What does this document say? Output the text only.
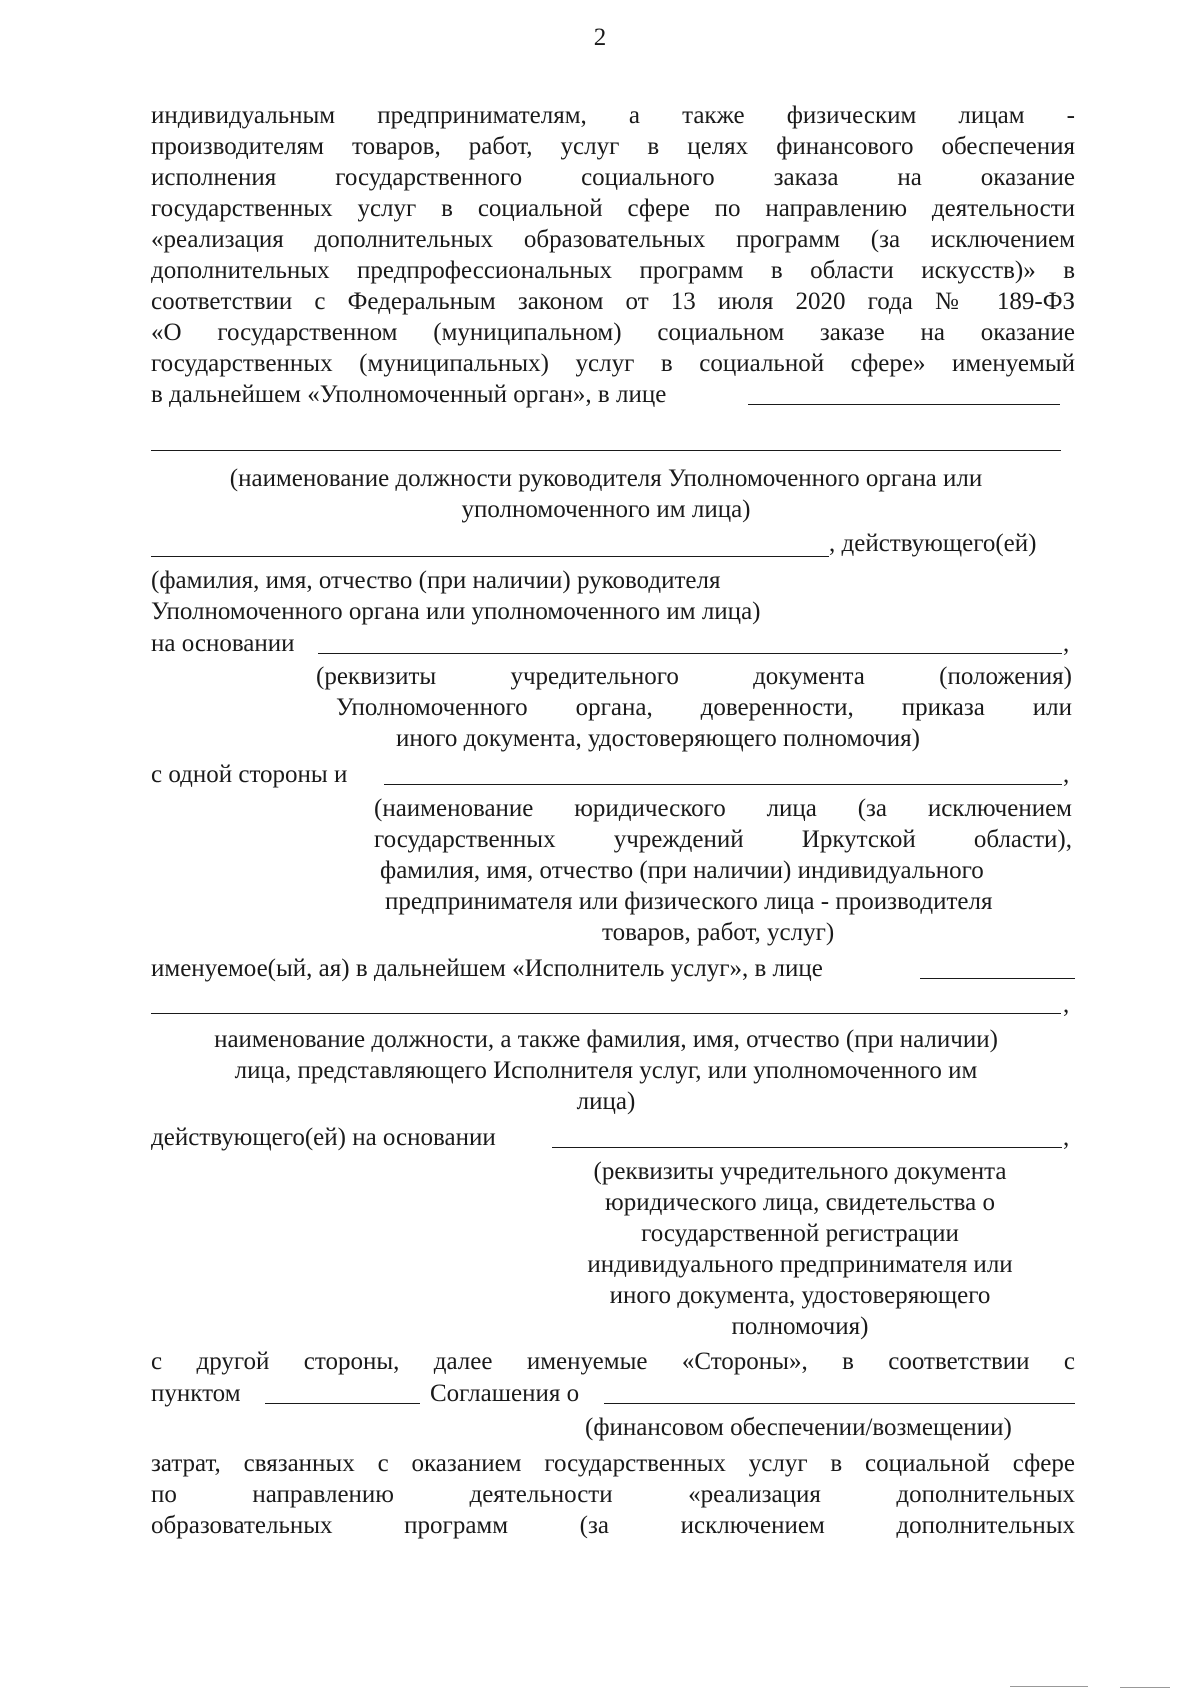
2
индивидуальным предпринимателям, а также физическим лицам -
производителям товаров, работ, услуг в целях финансового обеспечения
исполнения государственного социального заказа на оказание
государственных услуг в социальной сфере по направлению деятельности
«реализация дополнительных образовательных программ (за исключением
дополнительных предпрофессиональных программ в области искусств)» в
соответствии с Федеральным законом от 13 июля 2020 года № 189-ФЗ
«О государственном (муниципальном) социальном заказе на оказание
государственных (муниципальных) услуг в социальной сфере» именуемый
в дальнейшем «Уполномоченный орган», в лице
(наименование должности руководителя Уполномоченного органа или
уполномоченного им лица)
, действующего(ей)
(фамилия, имя, отчество (при наличии) руководителя
Уполномоченного органа или уполномоченного им лица)
на основании	,
(реквизиты учредительного документа (положения)
Уполномоченного органа, доверенности, приказа или
иного документа, удостоверяющего полномочия)
с одной стороны и	,
(наименование юридического лица (за исключением
государственных учреждений Иркутской области),
фамилия, имя, отчество (при наличии) индивидуального
предпринимателя или физического лица - производителя
товаров, работ, услуг)
именуемое(ый, ая) в дальнейшем «Исполнитель услуг», в лице
,
наименование должности, а также фамилия, имя, отчество (при наличии)
лица, представляющего Исполнителя услуг, или уполномоченного им
лица)
действующего(ей) на основании	,
(реквизиты учредительного документа
юридического лица, свидетельства о
государственной регистрации
индивидуального предпринимателя или
иного документа, удостоверяющего
полномочия)
с другой стороны, далее именуемые «Стороны», в соответствии с
пунктом	Соглашения о
(финансовом обеспечении/возмещении)
затрат, связанных с оказанием государственных услуг в социальной сфере
по направлению деятельности «реализация дополнительных
образовательных программ (за исключением дополнительных
